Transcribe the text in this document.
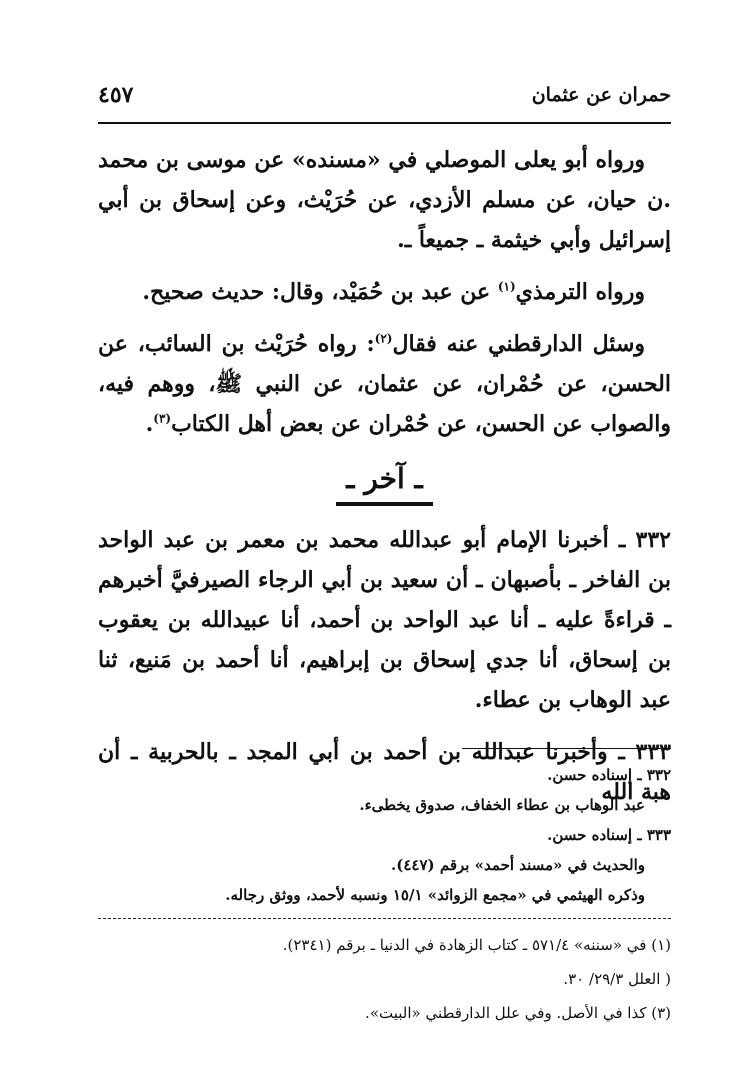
حمران عن عثمان
٤٥٧

ورواه أبو يعلى الموصلي في «مسنده» عن موسى بن محمد .ن حيان، عن مسلم الأزدي، عن حُرَيْث، وعن إسحاق بن أبي إسرائيل وأبي خيثمة ـ جميعاً ـ.

ورواه الترمذي$^{(١)}$ عن عبد بن حُمَيْد، وقال: حديث صحيح.

وسئل الدارقطني عنه فقال$^{(٢)}$: رواه حُرَيْث بن السائب، عن الحسن، عن حُمْران، عن عثمان، عن النبي ﷺ، ووهم فيه، والصواب عن الحسن، عن حُمْران عن بعض أهل الكتاب$^{(٣)}$.

ـ آخر ـ

٣٣٢ ـ أخبرنا الإمام أبو عبدالله محمد بن معمر بن عبد الواحد بن الفاخر ـ بأصبهان ـ أن سعيد بن أبي الرجاء الصيرفيَّ أخبرهم ـ قراءةً عليه ـ أنا عبد الواحد بن أحمد، أنا عبيدالله بن يعقوب بن إسحاق، أنا جدي إسحاق بن إبراهيم، أنا أحمد بن مَنيع، ثنا عبد الوهاب بن عطاء.

٣٣٣ ـ وأخبرنا عبدالله بن أحمد بن أبي المجد ـ بالحربية ـ أن هبة الله

٣٣٢ ـ إسناده حسن.

عبد الوهاب بن عطاء الخفاف، صدوق يخطىء.

٣٣٣ ـ إسناده حسن.

والحديث في «مسند أحمد» برقم (٤٤٧).

وذكره الهيثمي في «مجمع الزوائد» ١٥/١ ونسبه لأحمد، ووثق رجاله.

(١) في «سننه» ٥٧١/٤ ـ كتاب الزهادة في الدنيا ـ برقم (٢٣٤١).

( العلل ٢٩/٣/ ٣٠.

(٣) كذا في الأصل. وفي علل الدارقطني «البيت».
